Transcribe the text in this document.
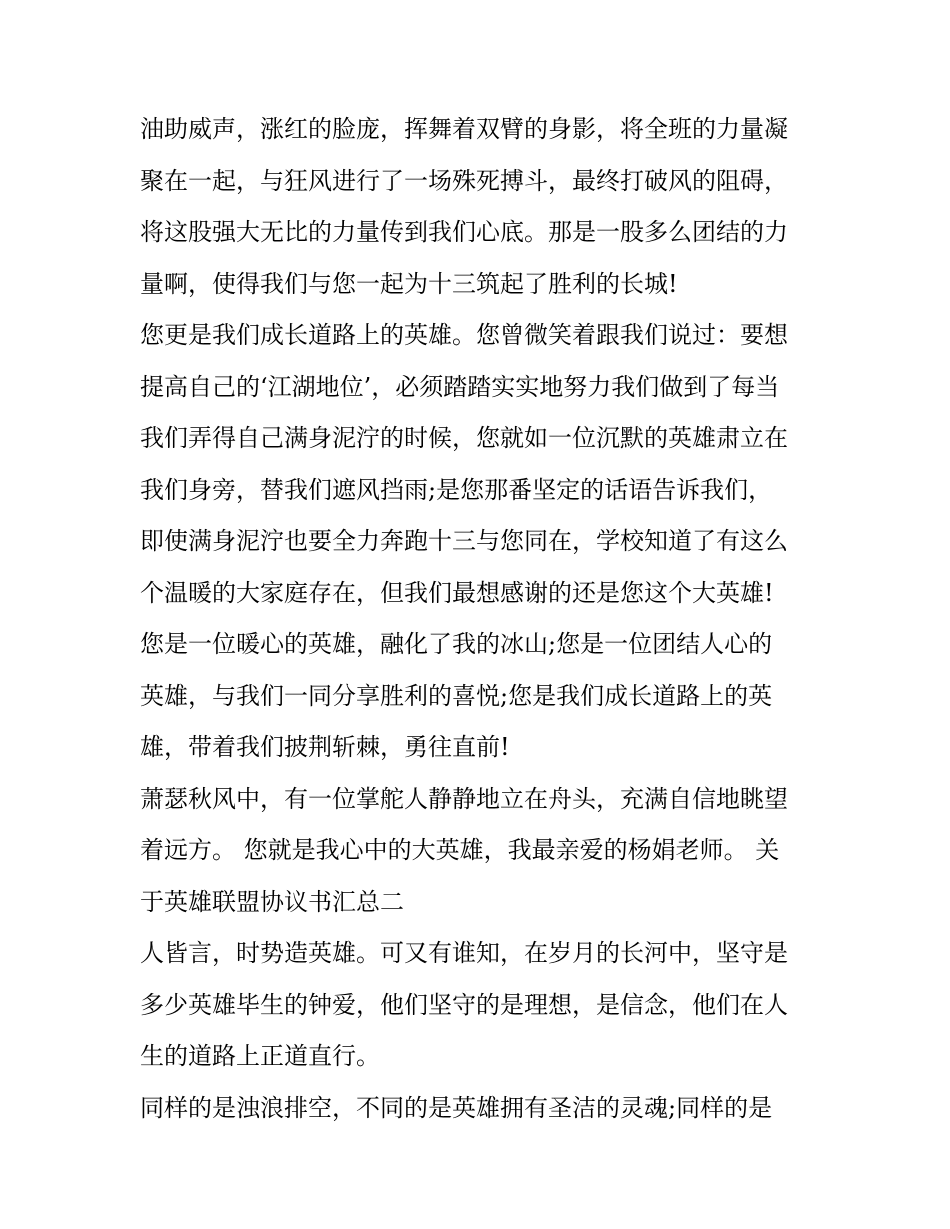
油助威声，涨红的脸庞，挥舞着双臂的身影，将全班的力量凝
聚在一起，与狂风进行了一场殊死搏斗，最终打破风的阻碍，
将这股强大无比的力量传到我们心底。那是一股多么团结的力
量啊，使得我们与您一起为十三筑起了胜利的长城!
您更是我们成长道路上的英雄。您曾微笑着跟我们说过：要想
提高自己的‘江湖地位’，必须踏踏实实地努力我们做到了每当
我们弄得自己满身泥泞的时候，您就如一位沉默的英雄肃立在
我们身旁，替我们遮风挡雨;是您那番坚定的话语告诉我们，
即使满身泥泞也要全力奔跑十三与您同在，学校知道了有这么
个温暖的大家庭存在，但我们最想感谢的还是您这个大英雄!
您是一位暖心的英雄，融化了我的冰山;您是一位团结人心的
英雄，与我们一同分享胜利的喜悦;您是我们成长道路上的英
雄，带着我们披荆斩棘，勇往直前!
萧瑟秋风中，有一位掌舵人静静地立在舟头，充满自信地眺望
着远方。 您就是我心中的大英雄，我最亲爱的杨娟老师。 关
于英雄联盟协议书汇总二
人皆言，时势造英雄。可又有谁知，在岁月的长河中，坚守是
多少英雄毕生的钟爱，他们坚守的是理想，是信念，他们在人
生的道路上正道直行。
同样的是浊浪排空，不同的是英雄拥有圣洁的灵魂;同样的是
